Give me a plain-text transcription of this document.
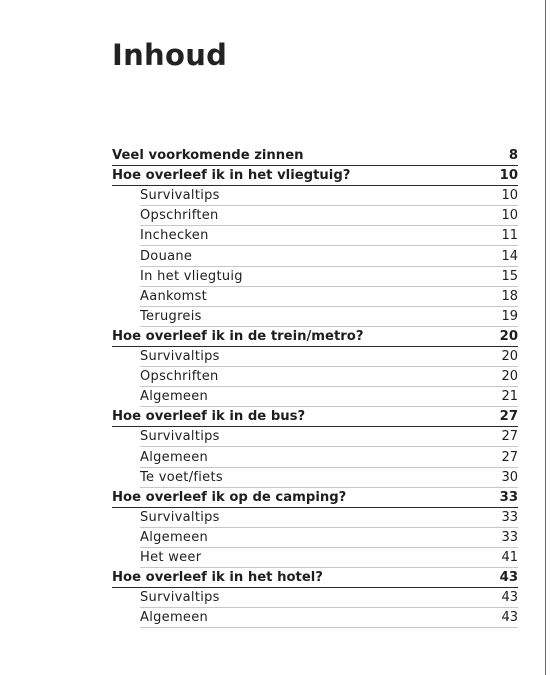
Inhoud
Veel voorkomende zinnen	8
Hoe overleef ik in het vliegtuig?	10
Survivaltips	10
Opschriften	10
Inchecken	11
Douane	14
In het vliegtuig	15
Aankomst	18
Terugreis	19
Hoe overleef ik in de trein/metro?	20
Survivaltips	20
Opschriften	20
Algemeen	21
Hoe overleef ik in de bus?	27
Survivaltips	27
Algemeen	27
Te voet/fiets	30
Hoe overleef ik op de camping?	33
Survivaltips	33
Algemeen	33
Het weer	41
Hoe overleef ik in het hotel?	43
Survivaltips	43
Algemeen	43
